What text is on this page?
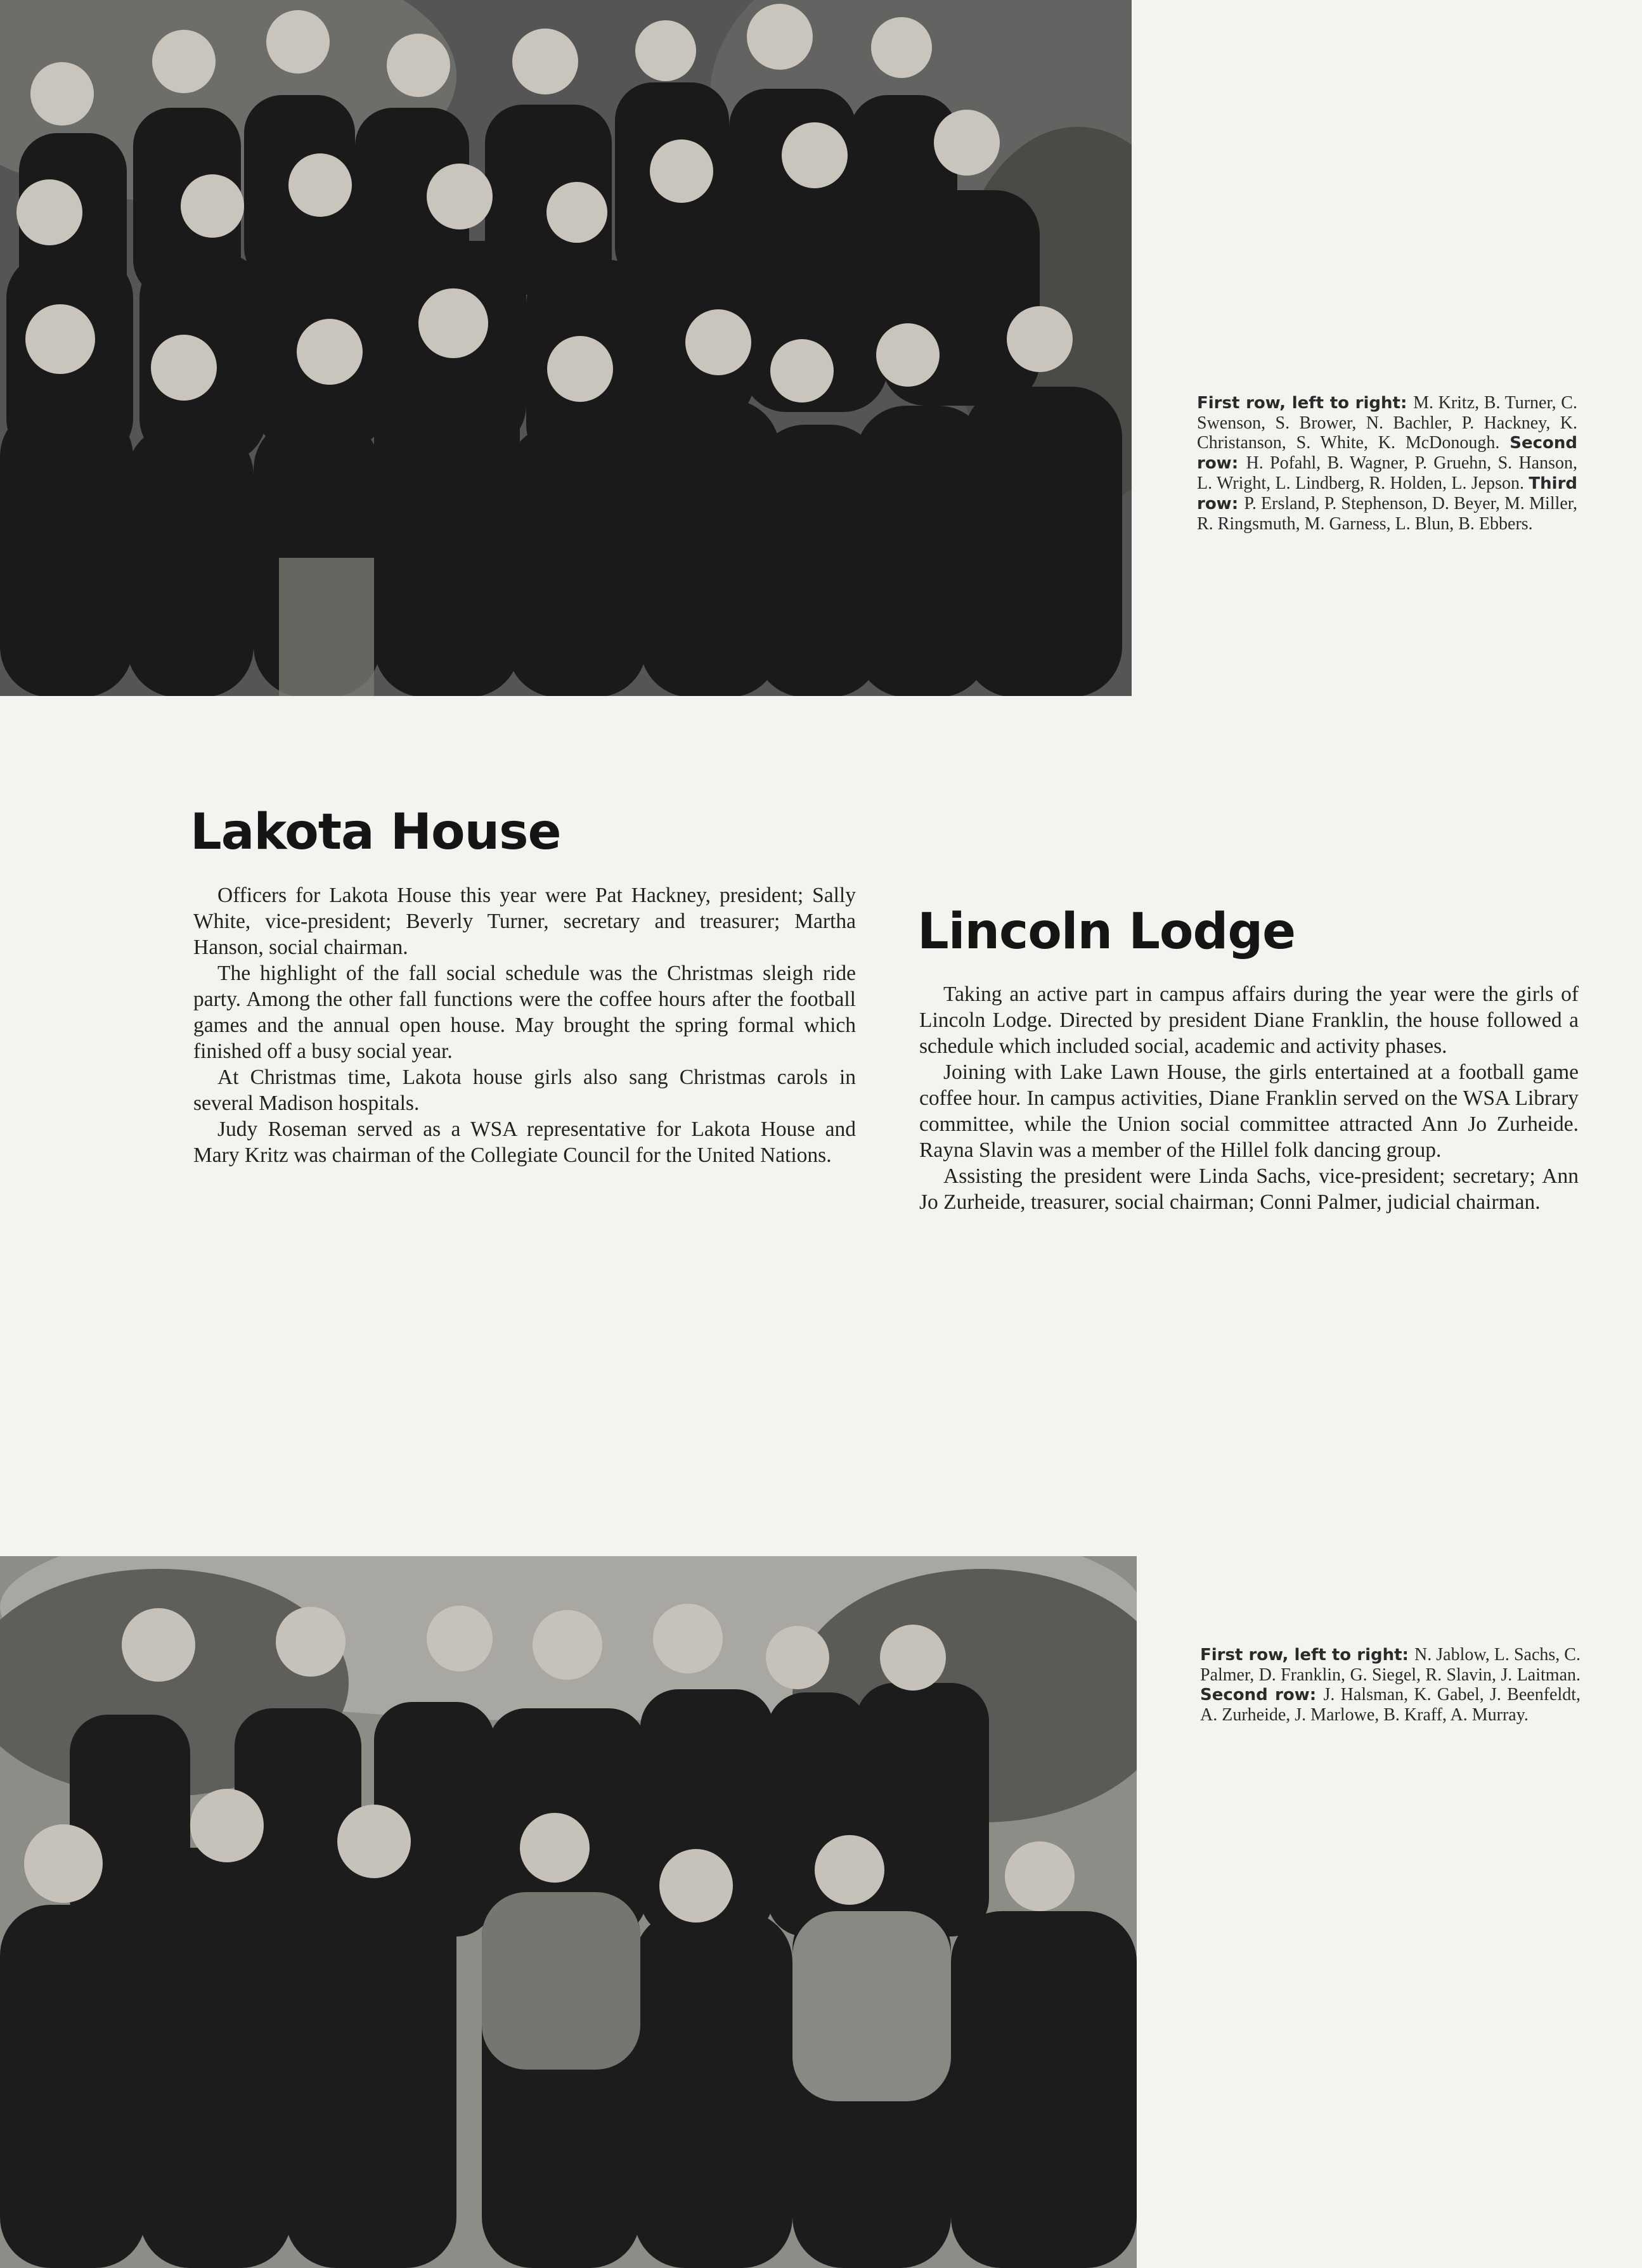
First row, left to right: M. Kritz, B. Turner, C. Swenson, S. Brower, N. Bachler, P. Hackney, K. Christanson, S. White, K. McDonough. Second row: H. Pofahl, B. Wagner, P. Gruehn, S. Hanson, L. Wright, L. Lindberg, R. Holden, L. Jepson. Third row: P. Ersland, P. Stephenson, D. Beyer, M. Miller, R. Ringsmuth, M. Garness, L. Blun, B. Ebbers.
Lakota House

Officers for Lakota House this year were Pat Hackney, president; Sally White, vice-president; Beverly Turner, secretary and treasurer; Martha Hanson, social chairman.

The highlight of the fall social schedule was the Christmas sleigh ride party. Among the other fall functions were the coffee hours after the football games and the annual open house. May brought the spring formal which finished off a busy social year.

At Christmas time, Lakota house girls also sang Christmas carols in several Madison hospitals.

Judy Roseman served as a WSA representative for Lakota House and Mary Kritz was chairman of the Collegiate Council for the United Nations.

Lincoln Lodge

Taking an active part in campus affairs during the year were the girls of Lincoln Lodge. Directed by president Diane Franklin, the house followed a schedule which included social, academic and activity phases.

Joining with Lake Lawn House, the girls entertained at a football game coffee hour. In campus activities, Diane Franklin served on the WSA Library committee, while the Union social committee attracted Ann Jo Zurheide. Rayna Slavin was a member of the Hillel folk dancing group.

Assisting the president were Linda Sachs, vice-president; secretary; Ann Jo Zurheide, treasurer, social chairman; Conni Palmer, judicial chairman.

First row, left to right: N. Jablow, L. Sachs, C. Palmer, D. Franklin, G. Siegel, R. Slavin, J. Laitman. Second row: J. Halsman, K. Gabel, J. Beenfeldt, A. Zurheide, J. Marlowe, B. Kraff, A. Murray.
